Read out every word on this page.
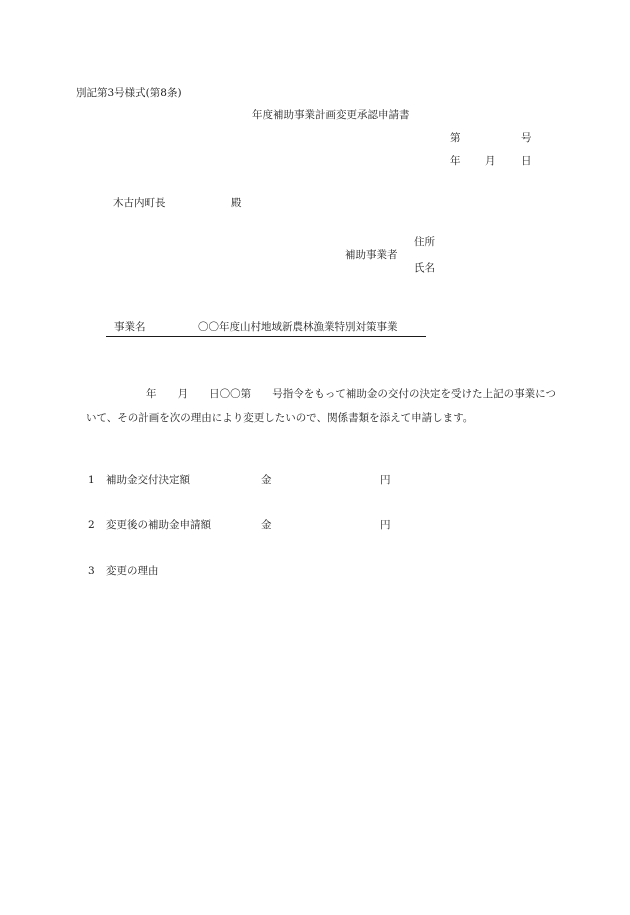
別記第3号様式(第8条)
年度補助事業計画変更承認申請書
第	号
年 月 日
木古内町長	殿
住所
補助事業者
氏名
事業名	〇〇年度山村地域新農林漁業特別対策事業
年　　月　　日〇〇第　　号指令をもって補助金の交付の決定を受けた上記の事業について、その計画を次の理由により変更したいので、関係書類を添えて申請します。
1 補助金交付決定額	金	円
2 変更後の補助金申請額	金	円
3 変更の理由
